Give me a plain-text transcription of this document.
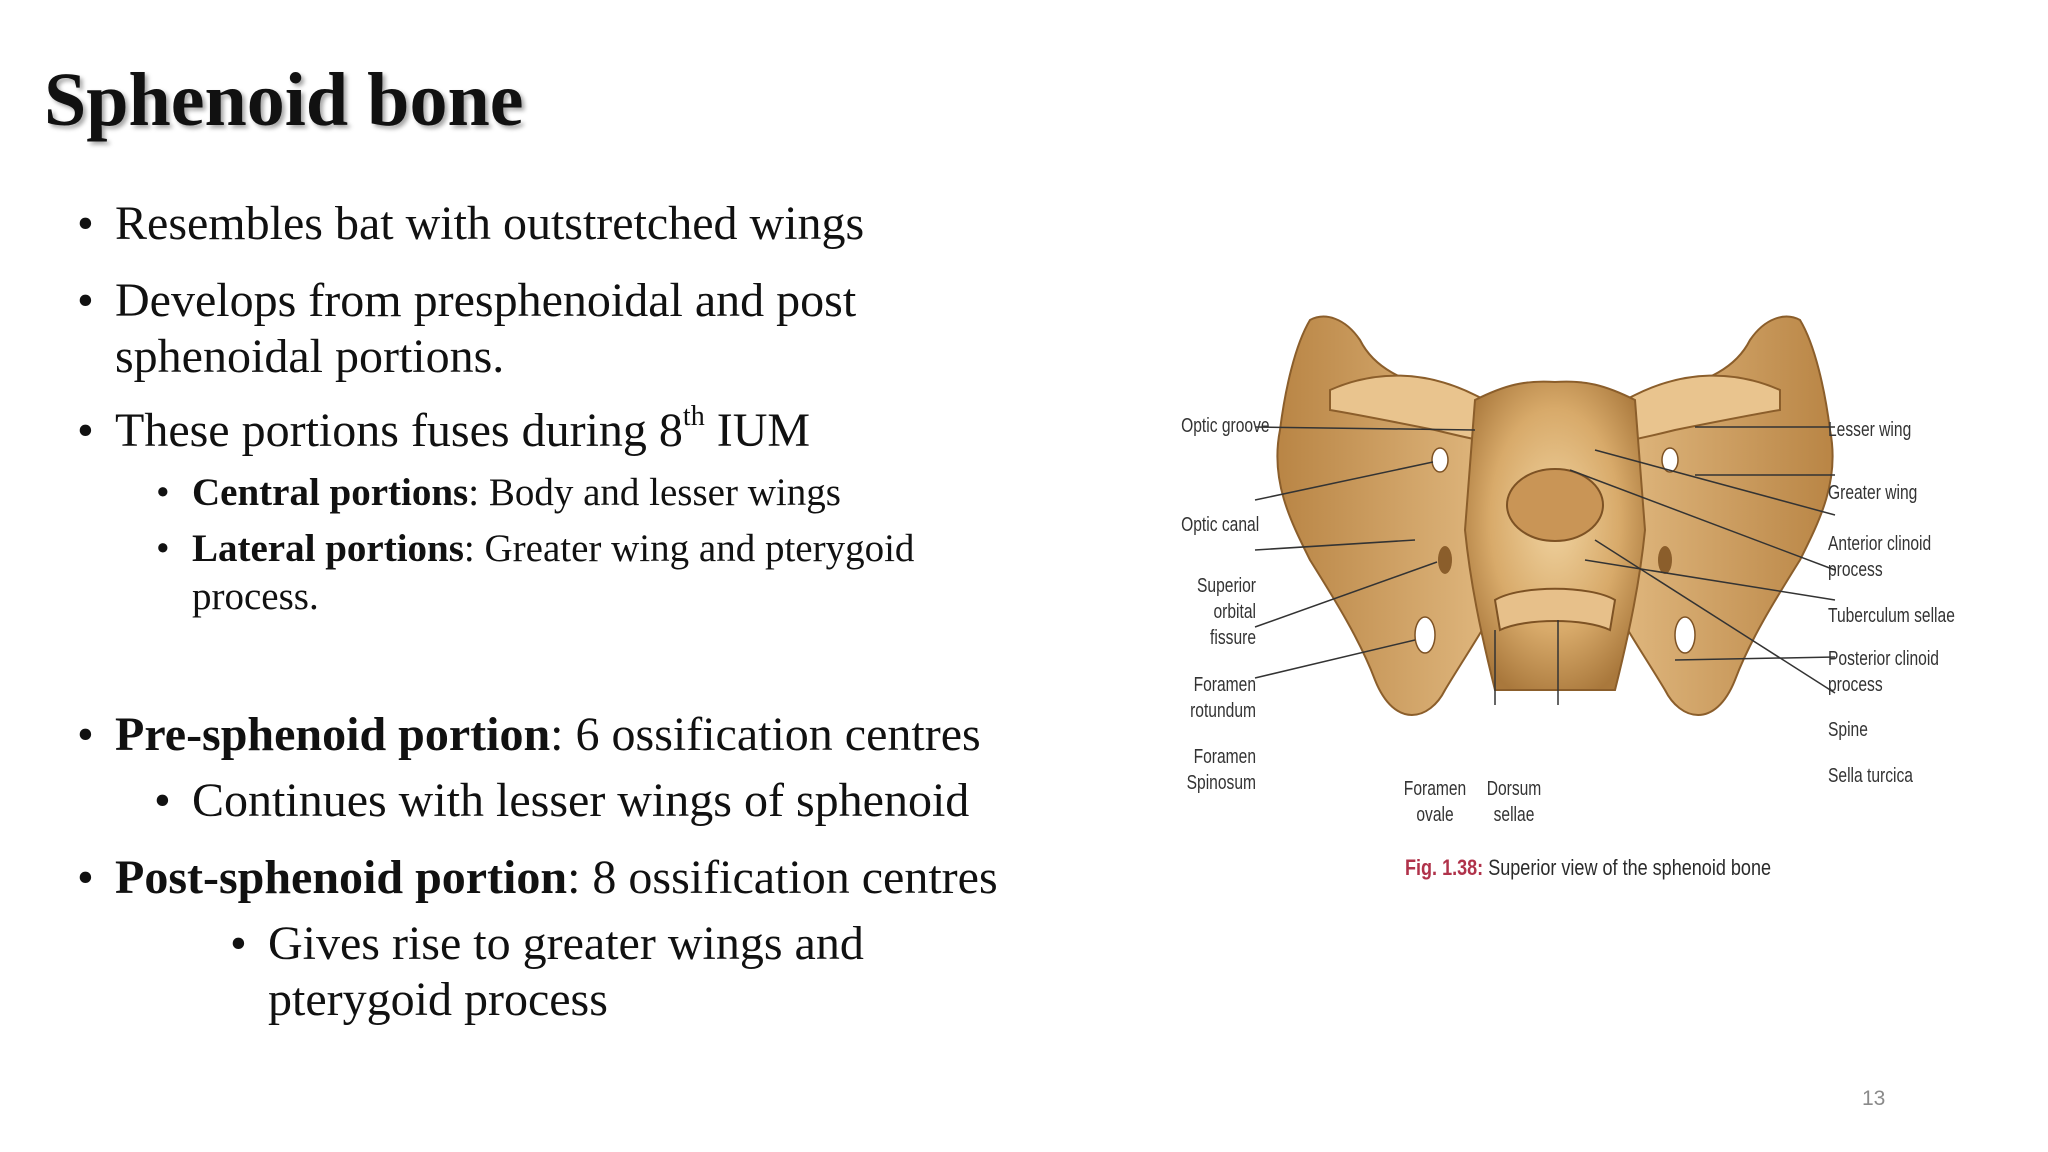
Sphenoid bone
• Resembles bat with outstretched wings
• Develops from presphenoidal and post
sphenoidal portions.
• These portions fuses during 8th IUM
• Central portions: Body and lesser wings
• Lateral portions: Greater wing and pterygoid
process.
• Pre-sphenoid portion: 6 ossification centres
• Continues with lesser wings of sphenoid
• Post-sphenoid portion: 8 ossification centres
• Gives rise to greater wings and
pterygoid process
Optic groove
Optic canal
Superior
orbital
fissure
Foramen
rotundum
Foramen
Spinosum	Foramen
ovale
Dorsum
sellae
Lesser wing
Greater wing
Anterior clinoid
process
Tuberculum sellae
Posterior clinoid
process
Spine
Sella turcica
Fig. 1.38: Superior view of the sphenoid bone
13
